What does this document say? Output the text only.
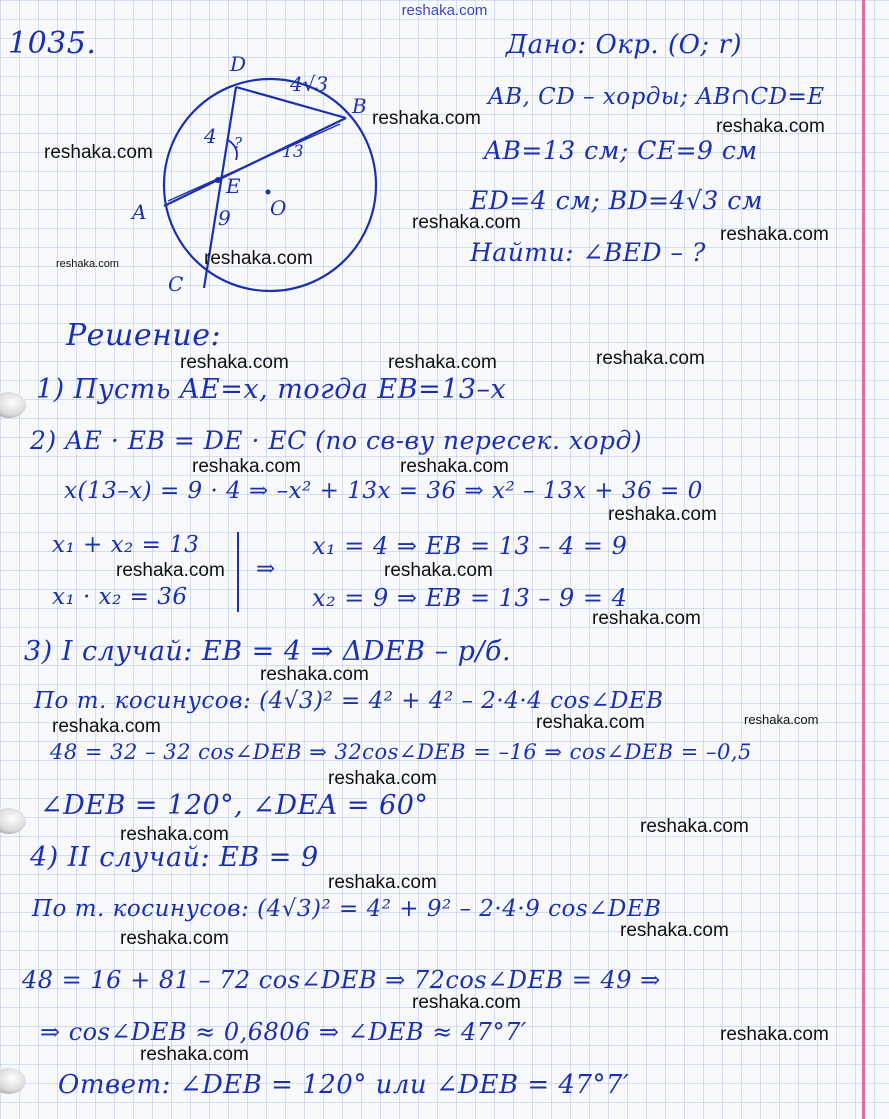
reshaka.com
1035.
D
4√3
B
4 ? 13
E
O
A	9
C
Дано: Окр. (O; r)
AB, CD – хорды; AB∩CD=E
AB=13 см; CE=9 см
ED=4 см; BD=4√3 см
Найти: ∠BED – ?
Решение:
1) Пусть AE=x, тогда EB=13–x
2) AE · EB = DE · EC (по св-ву пересек. хорд)
x(13–x) = 9 · 4 ⇒ –x² + 13x = 36 ⇒ x² – 13x + 36 = 0
x₁ + x₂ = 13
x₁ · x₂ = 36
⇒
x₁ = 4 ⇒ EB = 13 – 4 = 9
x₂ = 9 ⇒ EB = 13 – 9 = 4
3) I случай: EB = 4 ⇒ ΔDEB – р/б.
По т. косинусов: (4√3)² = 4² + 4² – 2·4·4 cos∠DEB
48 = 32 – 32 cos∠DEB ⇒ 32cos∠DEB = –16 ⇒ cos∠DEB = –0,5
∠DEB = 120°, ∠DEA = 60°
4) II случай: EB = 9
По т. косинусов: (4√3)² = 4² + 9² – 2·4·9 cos∠DEB
48 = 16 + 81 – 72 cos∠DEB ⇒ 72cos∠DEB = 49 ⇒
⇒ cos∠DEB ≈ 0,6806 ⇒ ∠DEB ≈ 47°7′
Ответ: ∠DEB = 120° или ∠DEB = 47°7′
reshaka.com	reshaka.com
reshaka.com
reshaka.com
reshaka.com
reshaka.com	reshaka.com
reshaka.com	reshaka.com	reshaka.com
reshaka.com	reshaka.com
reshaka.com
reshaka.com	reshaka.com
reshaka.com
reshaka.com
reshaka.com	reshaka.com	reshaka.com
reshaka.com
reshaka.com	reshaka.com
reshaka.com
reshaka.com	reshaka.com
reshaka.com
reshaka.com
reshaka.com
